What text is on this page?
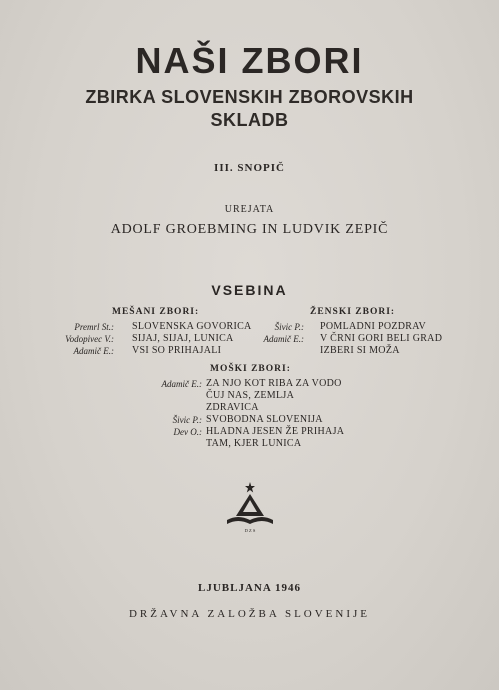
NAŠI ZBORI
ZBIRKA SLOVENSKIH ZBOROVSKIH
SKLADB
III. SNOPIČ
UREJATA
ADOLF GROEBMING IN LUDVIK ZEPIČ
VSEBINA
MEŠANI ZBORI:
Premrl St.: SLOVENSKA GOVORICA
Vodopivec V.: SIJAJ, SIJAJ, LUNICA
Adamič E.: VSI SO PRIHAJALI
ŽENSKI ZBORI:
Šivic P.: POMLADNI POZDRAV
Adamič E.: V ČRNI GORI BELI GRAD
IZBERI SI MOŽA
MOŠKI ZBORI:
Adamič E.: ZA NJO KOT RIBA ZA VODO
ČUJ NAS, ZEMLJA
ZDRAVICA
Šivic P.: SVOBODNA SLOVENIJA
Dev O.: HLADNA JESEN ŽE PRIHAJA
TAM, KJER LUNICA
D Z S
LJUBLJANA 1946
DRŽAVNA ZALOŽBA SLOVENIJE
